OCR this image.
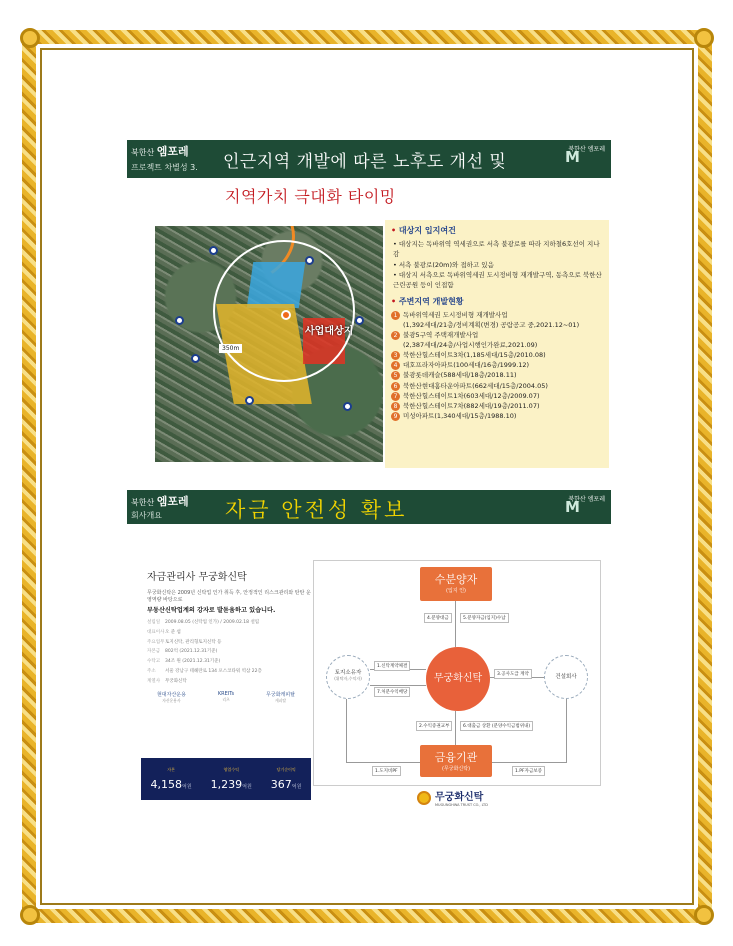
북한산 엠포레
프로젝트 차별성 3. 인근지역 개발에 따른 노후도 개선 및	M
북한산 엠포레
지역가치 극대화 타이밍
350m
사업대상지
• 대상지 입지여건
• 대상지는 독바위역 역세권으로 서측 불광로를 따라 지하철6호선이 지나감
• 서측 불광로(20m)와 접하고 있음
• 대상지 서측으로 독바위역세권 도시정비형 재개발구역, 동측으로 북한산 근린공원 등이 인접함
• 주변지역 개발현황
1 독바위역세권 도시정비형 재개발사업
(1,392세대/21층/정비계획(변경) 공람공고 중,2021.12~01)
2 불광5구역 주택재개발사업
(2,387세대/24층/사업시행인가완료,2021.09)
3 북한산힐스테이트3차(1,185세대/15층/2010.08)
4 대호프라자아파트(100세대/16층/1999.12)
5 불광롯데캐슬(588세대/18층/2018.11)
6 북한산현대홈타운아파트(662세대/15층/2004.05)
7 북한산힐스테이트1차(603세대/12층/2009.07)
8 북한산힐스테이트7차(882세대/19층/2011.07)
9 미성아파트(1,340세대/15층/1988.10)
북한산 엠포레
회사개요	자금 안전성 확보	M
북한산 엠포레
자금관리사 무궁화신탁
무궁화신탁은 2009년 신탁업 인가 취득 후, 안정적인 리스크관리와 탄탄 운영역량 바탕으로
부동산신탁업계의 강자로 발돋움하고 있습니다.
설립일	2009.08.05 (신탁업 인가) / 2009.02.18 설립
대표이사 오 준 섭
주요업무 토지신탁, 관리형토지신탁 등
자본금	802억 (2021.12.31기준)
수탁고	34조 원 (2021.12.31기준)
주소	서울 강남구 테헤란로 134 포스코타워 역삼 22층
계열사	무궁화신탁
현대자산운용
자산운용사
KREITs
리츠
무궁화캐피탈
캐피탈
자본
4,158억원
영업수익
1,239억원
당기순이익
367억원
수분양자
(입지 인)
금융기관
(무궁화신탁)
무궁화신탁
토지소유자
(위탁자,수익자)	건설회사
4.분양대금	5.분양자금(입지)수납
1.신탁계약체결
7.처분수익배당
3.공사도급 계약
2.수익증권교부	6.대출금 상환 (분양수익금범위내)
1.도지비PF	1.PF자금보증
무궁화신탁
MUGUNGHWA TRUST CO., LTD
